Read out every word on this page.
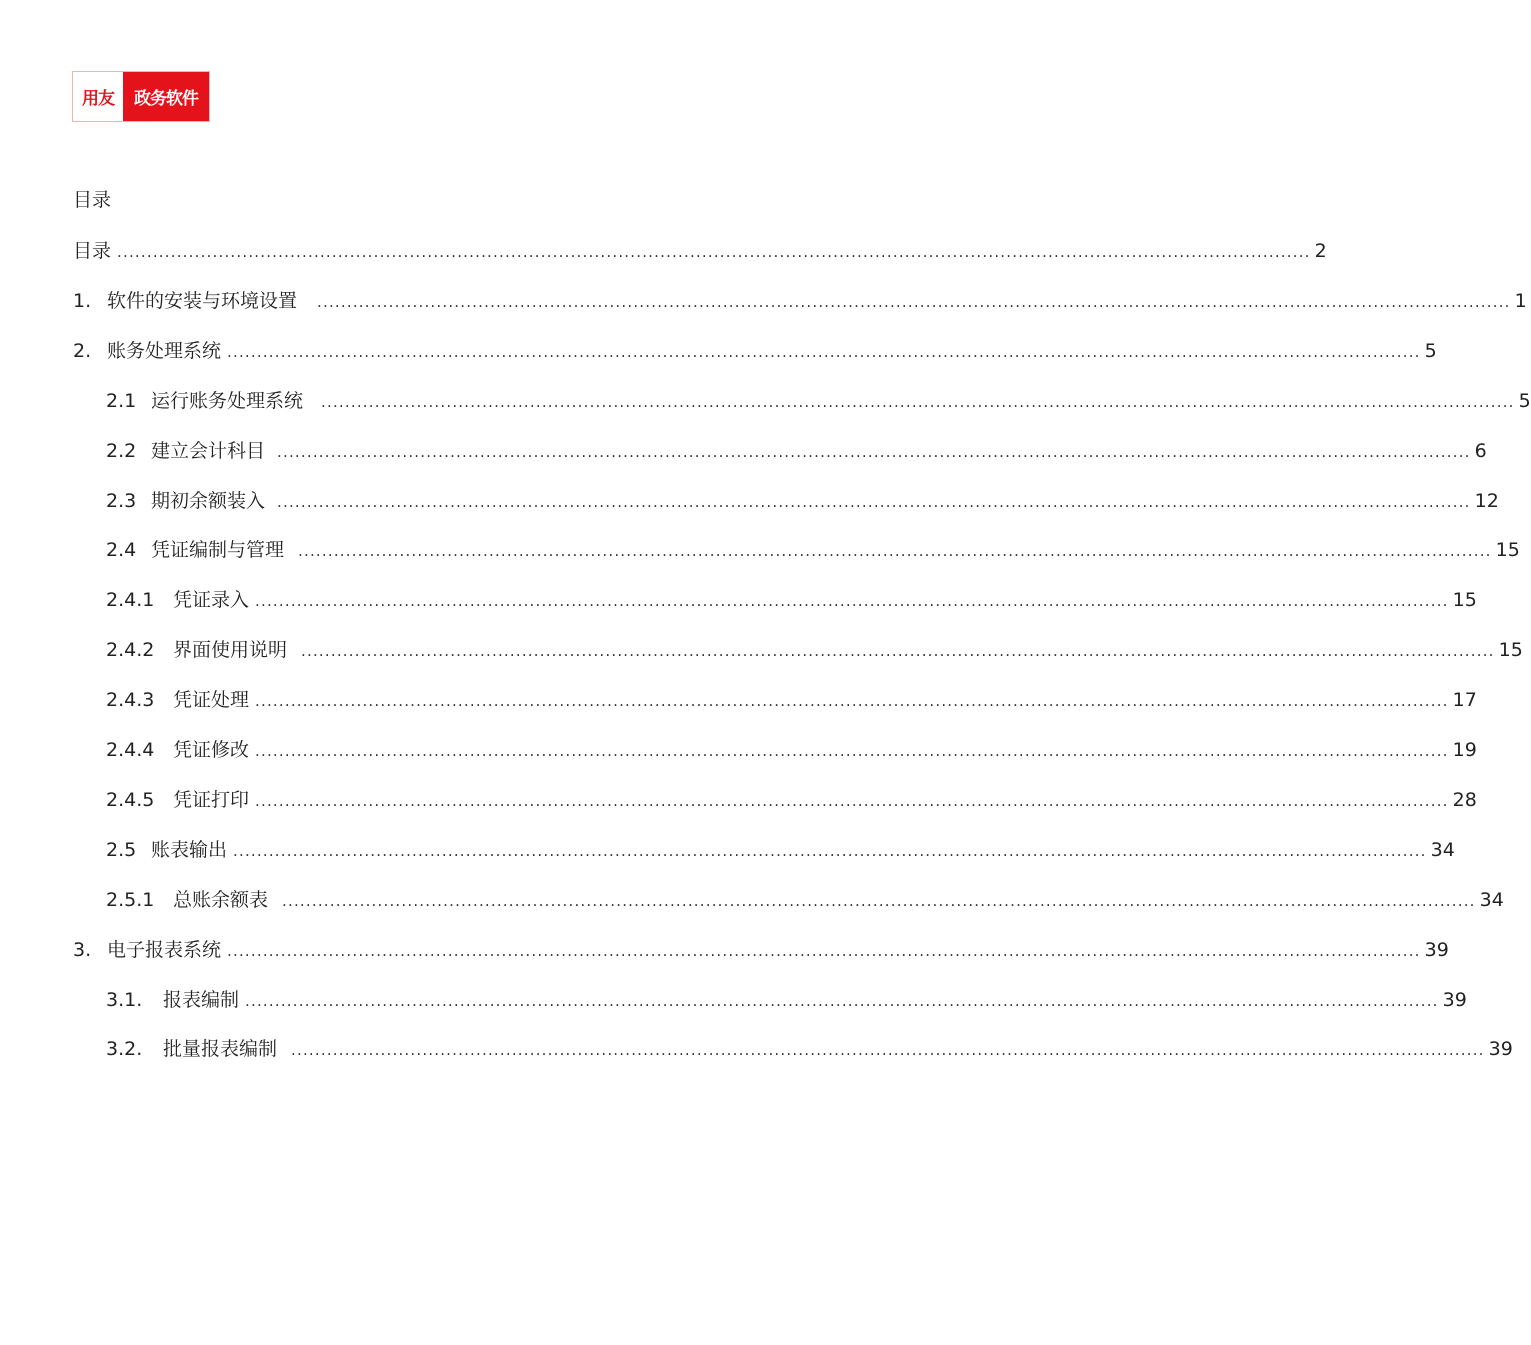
用友	政务软件
目录
目录 ........................................................................................................................................................................................................ 2
1. 软件的安装与环境设置 ........................................................................................................................................................................................................ 1
2. 账务处理系统 ........................................................................................................................................................................................................ 5
2.1 运行账务处理系统 ........................................................................................................................................................................................................ 5
2.2 建立会计科目 ........................................................................................................................................................................................................ 6
2.3 期初余额装入 ........................................................................................................................................................................................................ 12
2.4 凭证编制与管理 ........................................................................................................................................................................................................ 15
2.4.1 凭证录入 ........................................................................................................................................................................................................ 15
2.4.2 界面使用说明 ........................................................................................................................................................................................................ 15
2.4.3 凭证处理 ........................................................................................................................................................................................................ 17
2.4.4 凭证修改 ........................................................................................................................................................................................................ 19
2.4.5 凭证打印 ........................................................................................................................................................................................................ 28
2.5 账表输出 ........................................................................................................................................................................................................ 34
2.5.1 总账余额表 ........................................................................................................................................................................................................ 34
3. 电子报表系统 ........................................................................................................................................................................................................ 39
3.1.	报表编制 ........................................................................................................................................................................................................ 39
3.2.	批量报表编制 ........................................................................................................................................................................................................ 39
